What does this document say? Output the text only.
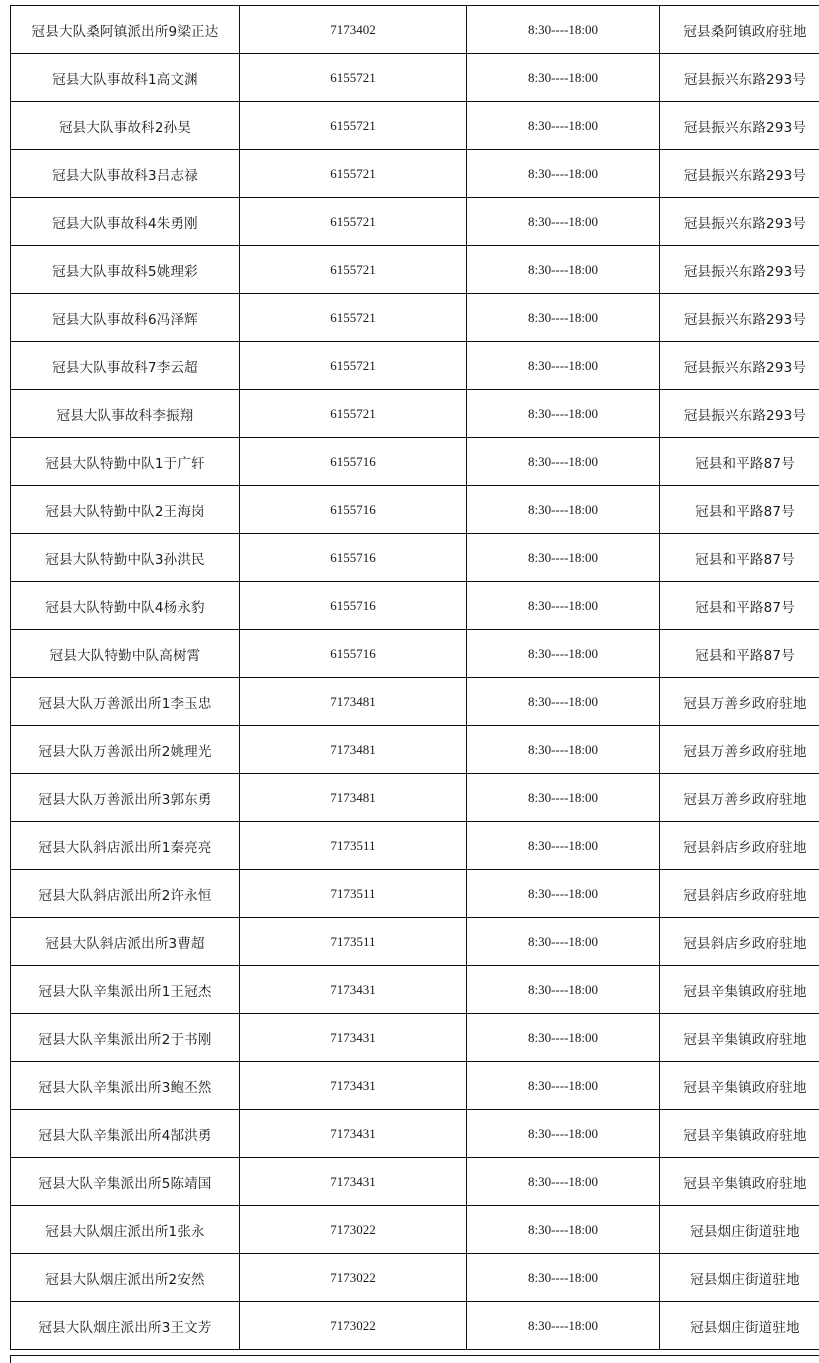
冠县大队桑阿镇派出所9梁正达	7173402	8:30----18:00	冠县桑阿镇政府驻地
冠县大队事故科1高文渊	6155721	8:30----18:00	冠县振兴东路293号
冠县大队事故科2孙昊	6155721	8:30----18:00	冠县振兴东路293号
冠县大队事故科3吕志禄	6155721	8:30----18:00	冠县振兴东路293号
冠县大队事故科4朱勇刚	6155721	8:30----18:00	冠县振兴东路293号
冠县大队事故科5姚理彩	6155721	8:30----18:00	冠县振兴东路293号
冠县大队事故科6冯泽辉	6155721	8:30----18:00	冠县振兴东路293号
冠县大队事故科7李云超	6155721	8:30----18:00	冠县振兴东路293号
冠县大队事故科李振翔	6155721	8:30----18:00	冠县振兴东路293号
冠县大队特勤中队1于广轩	6155716	8:30----18:00	冠县和平路87号
冠县大队特勤中队2王海岗	6155716	8:30----18:00	冠县和平路87号
冠县大队特勤中队3孙洪民	6155716	8:30----18:00	冠县和平路87号
冠县大队特勤中队4杨永豹	6155716	8:30----18:00	冠县和平路87号
冠县大队特勤中队高树霄	6155716	8:30----18:00	冠县和平路87号
冠县大队万善派出所1李玉忠	7173481	8:30----18:00	冠县万善乡政府驻地
冠县大队万善派出所2姚理光	7173481	8:30----18:00	冠县万善乡政府驻地
冠县大队万善派出所3郭东勇	7173481	8:30----18:00	冠县万善乡政府驻地
冠县大队斜店派出所1秦亮亮	7173511	8:30----18:00	冠县斜店乡政府驻地
冠县大队斜店派出所2许永恒	7173511	8:30----18:00	冠县斜店乡政府驻地
冠县大队斜店派出所3曹超	7173511	8:30----18:00	冠县斜店乡政府驻地
冠县大队辛集派出所1王冠杰	7173431	8:30----18:00	冠县辛集镇政府驻地
冠县大队辛集派出所2于书刚	7173431	8:30----18:00	冠县辛集镇政府驻地
冠县大队辛集派出所3鲍丕然	7173431	8:30----18:00	冠县辛集镇政府驻地
冠县大队辛集派出所4郜洪勇	7173431	8:30----18:00	冠县辛集镇政府驻地
冠县大队辛集派出所5陈靖国	7173431	8:30----18:00	冠县辛集镇政府驻地
冠县大队烟庄派出所1张永	7173022	8:30----18:00	冠县烟庄街道驻地
冠县大队烟庄派出所2安然	7173022	8:30----18:00	冠县烟庄街道驻地
冠县大队烟庄派出所3王文芳	7173022	8:30----18:00	冠县烟庄街道驻地
